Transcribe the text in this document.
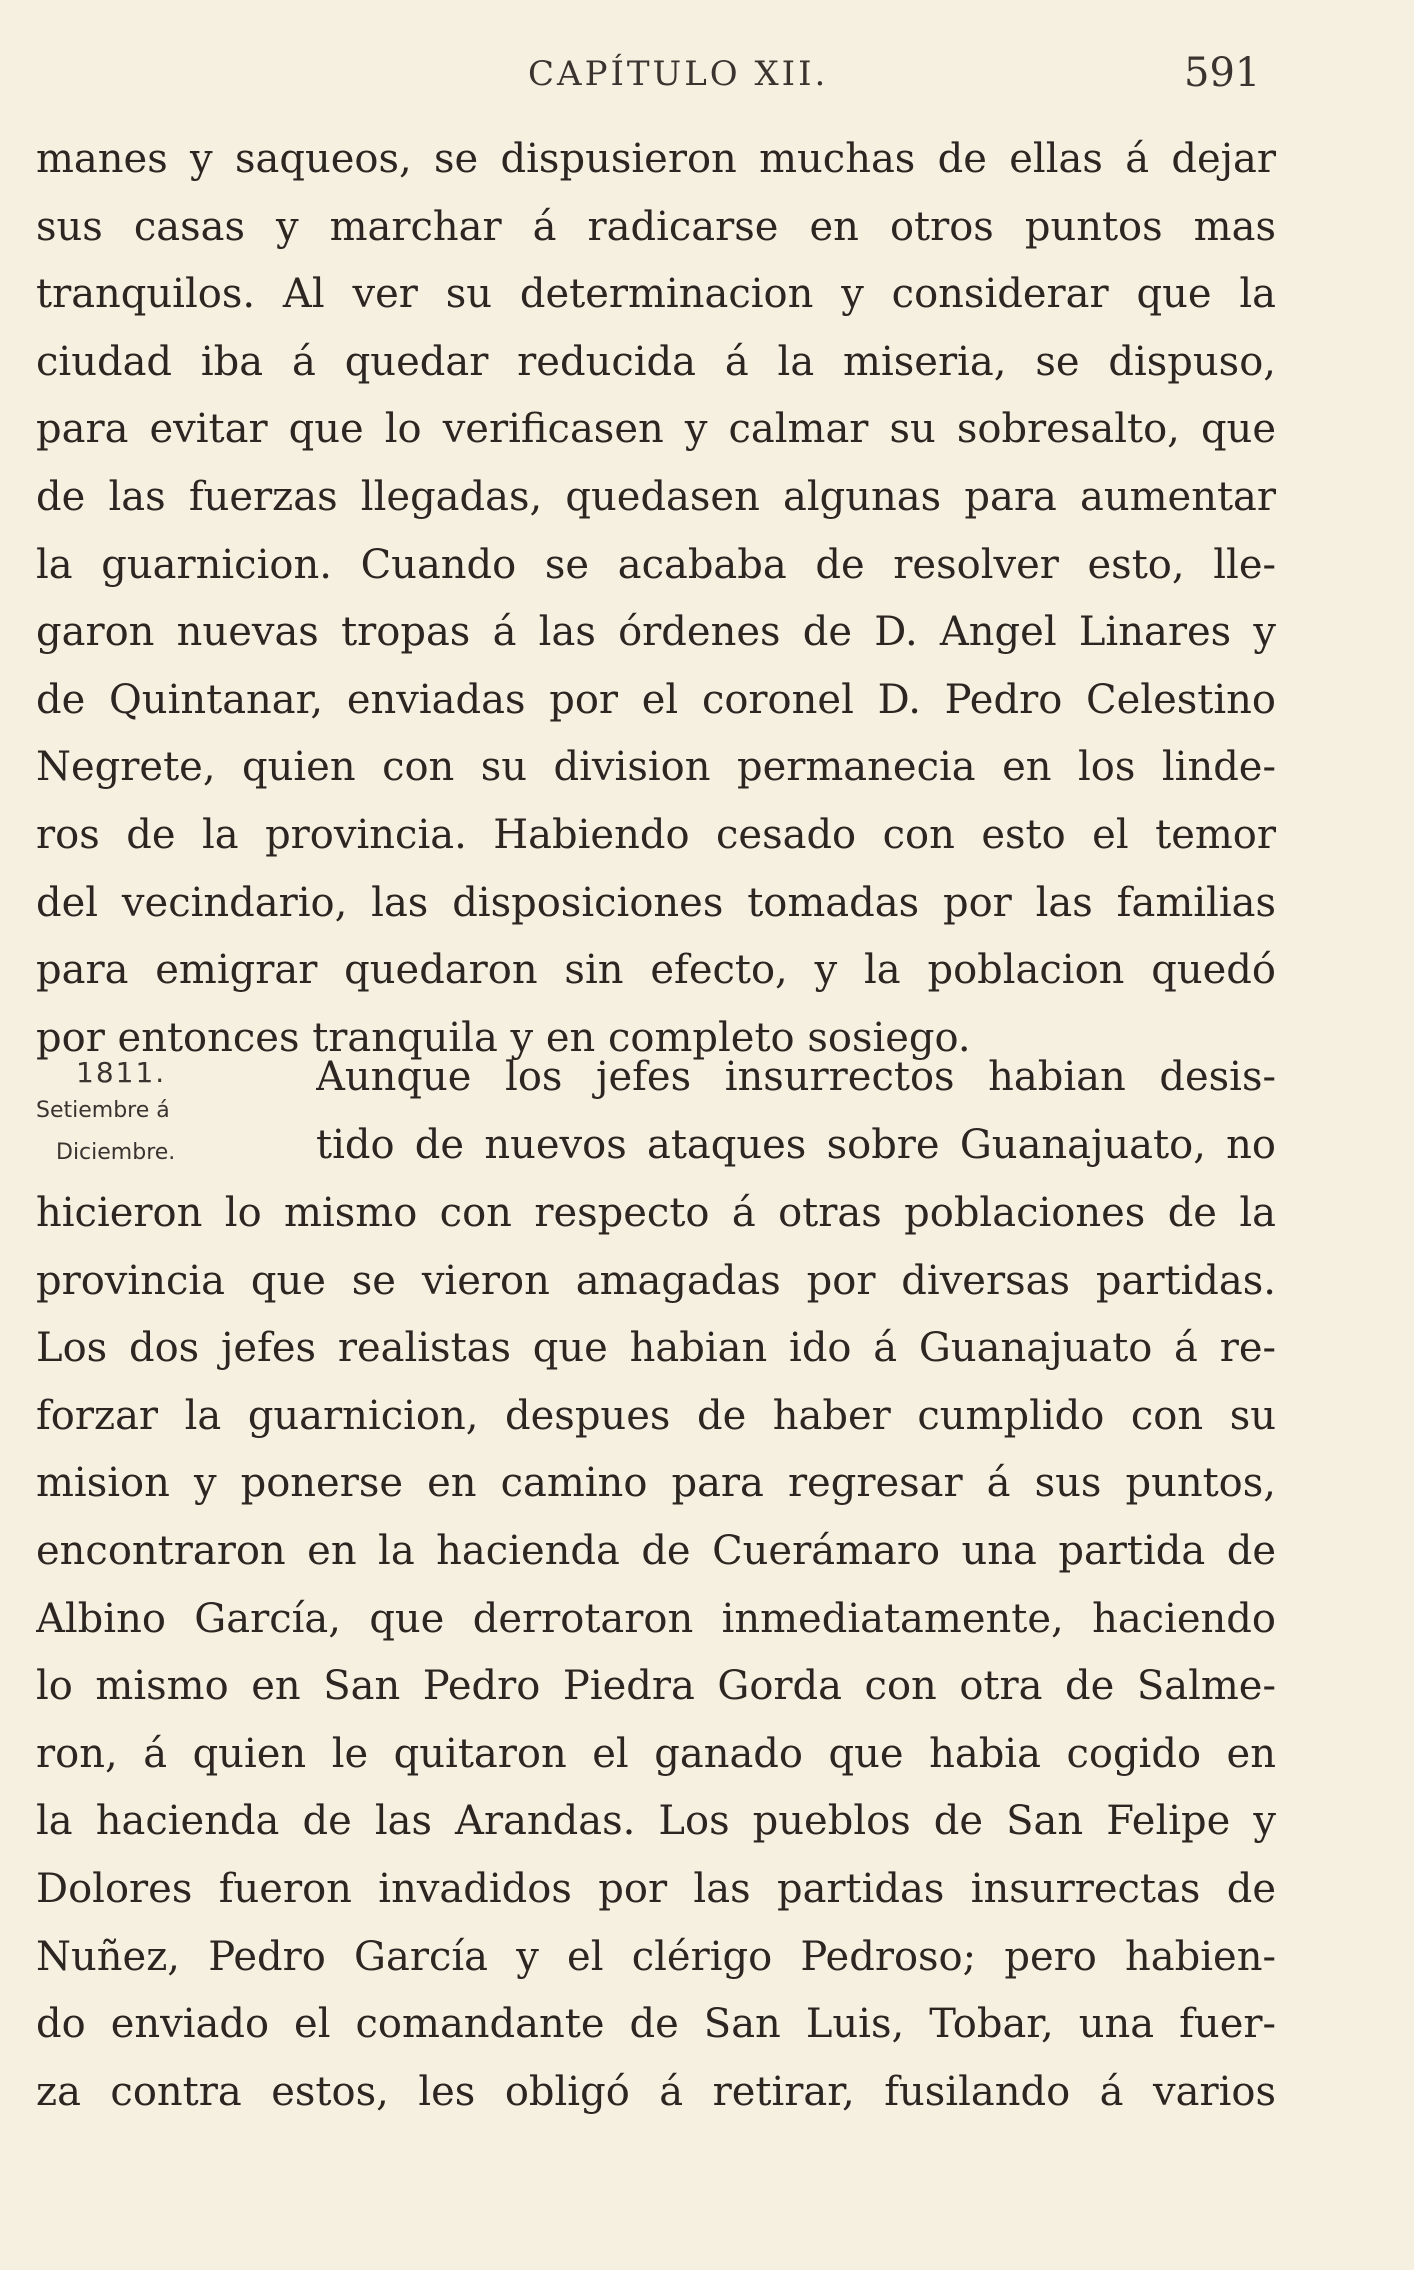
CAPÍTULO XII.	591
manes y saqueos, se dispusieron muchas de ellas á dejar
sus casas y marchar á radicarse en otros puntos mas
tranquilos. Al ver su determinacion y considerar que la
ciudad iba á quedar reducida á la miseria, se dispuso,
para evitar que lo verificasen y calmar su sobresalto, que
de las fuerzas llegadas, quedasen algunas para aumentar
la guarnicion. Cuando se acababa de resolver esto, lle-
garon nuevas tropas á las órdenes de D. Angel Linares y
de Quintanar, enviadas por el coronel D. Pedro Celestino
Negrete, quien con su division permanecia en los linde-
ros de la provincia. Habiendo cesado con esto el temor
del vecindario, las disposiciones tomadas por las familias
para emigrar quedaron sin efecto, y la poblacion quedó
por entonces tranquila y en completo sosiego.
1811.
Setiembre á
Diciembre.
Aunque los jefes insurrectos habian desis-
tido de nuevos ataques sobre Guanajuato, no
hicieron lo mismo con respecto á otras poblaciones de la
provincia que se vieron amagadas por diversas partidas.
Los dos jefes realistas que habian ido á Guanajuato á re-
forzar la guarnicion, despues de haber cumplido con su
mision y ponerse en camino para regresar á sus puntos,
encontraron en la hacienda de Cuerámaro una partida de
Albino García, que derrotaron inmediatamente, haciendo
lo mismo en San Pedro Piedra Gorda con otra de Salme-
ron, á quien le quitaron el ganado que habia cogido en
la hacienda de las Arandas. Los pueblos de San Felipe y
Dolores fueron invadidos por las partidas insurrectas de
Nuñez, Pedro García y el clérigo Pedroso; pero habien-
do enviado el comandante de San Luis, Tobar, una fuer-
za contra estos, les obligó á retirar, fusilando á varios
